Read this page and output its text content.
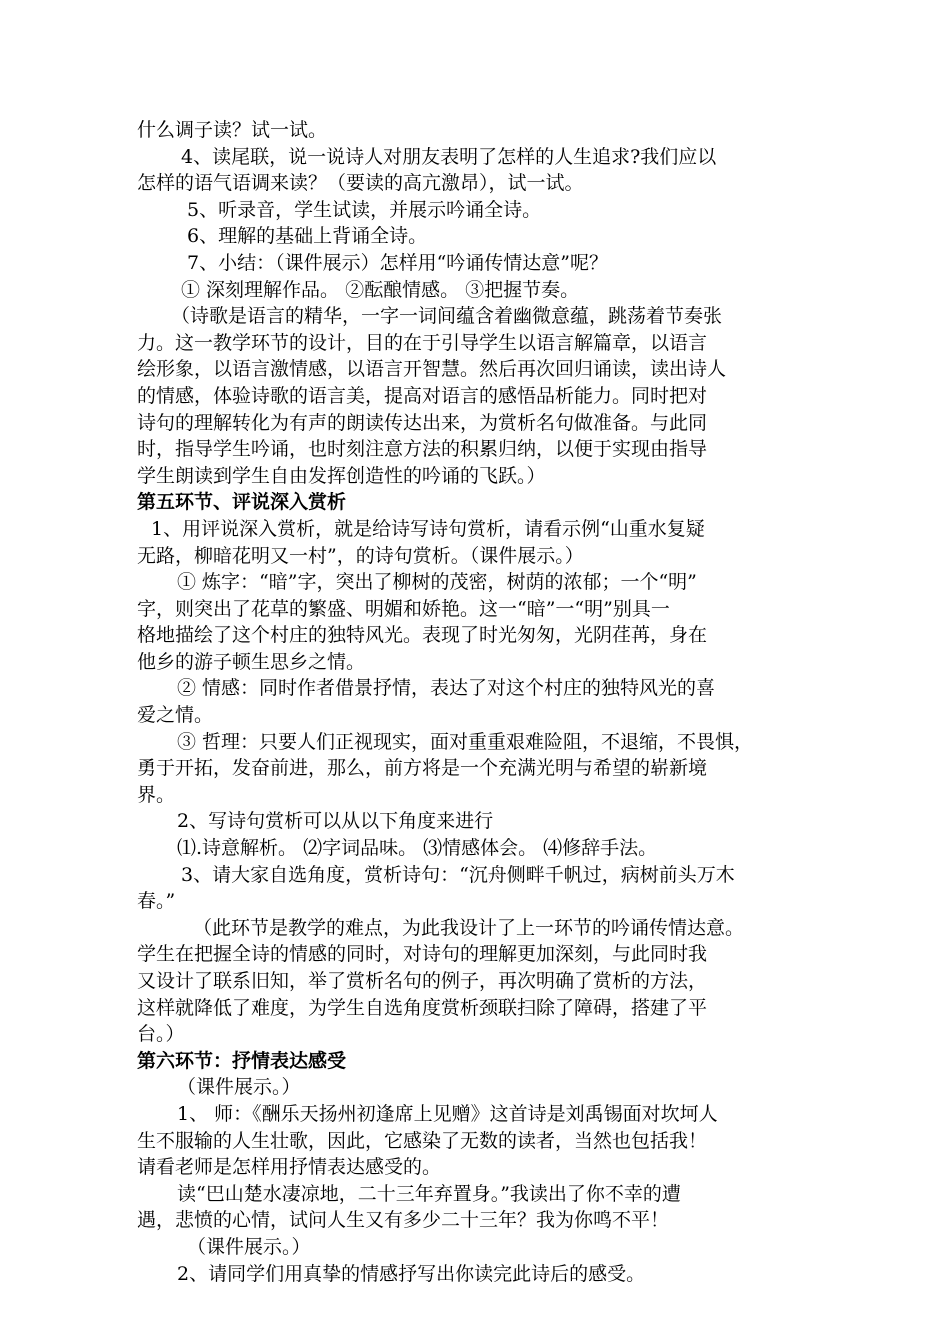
什么调子读？试一试。
4、读尾联，说一说诗人对朋友表明了怎样的人生追求?我们应以
怎样的语气语调来读？（要读的高亢激昂），试一试。
5、听录音，学生试读，并展示吟诵全诗。
6、理解的基础上背诵全诗。
7、小结：（课件展示）怎样用“吟诵传情达意”呢？
① 深刻理解作品。 ②酝酿情感。 ③把握节奏。
（诗歌是语言的精华，一字一词间蕴含着幽微意蕴，跳荡着节奏张
力。这一教学环节的设计，目的在于引导学生以语言解篇章，以语言
绘形象，以语言激情感，以语言开智慧。然后再次回归诵读，读出诗人
的情感，体验诗歌的语言美，提高对语言的感悟品析能力。同时把对
诗句的理解转化为有声的朗读传达出来，为赏析名句做准备。与此同
时，指导学生吟诵，也时刻注意方法的积累归纳，以便于实现由指导
学生朗读到学生自由发挥创造性的吟诵的飞跃。）
第五环节、评说深入赏析
1、用评说深入赏析，就是给诗写诗句赏析，请看示例“山重水复疑
无路，柳暗花明又一村”，的诗句赏析。（课件展示。）
① 炼字：“暗”字，突出了柳树的茂密，树荫的浓郁；一个“明”
字，则突出了花草的繁盛、明媚和娇艳。这一“暗”一“明”别具一
格地描绘了这个村庄的独特风光。表现了时光匆匆，光阴荏苒，身在
他乡的游子顿生思乡之情。
② 情感：同时作者借景抒情，表达了对这个村庄的独特风光的喜
爱之情。
③ 哲理：只要人们正视现实，面对重重艰难险阻，不退缩，不畏惧，
勇于开拓，发奋前进，那么，前方将是一个充满光明与希望的崭新境
界。
2、写诗句赏析可以从以下角度来进行
⑴.诗意解析。 ⑵字词品味。 ⑶情感体会。 ⑷修辞手法。
3、请大家自选角度，赏析诗句：“沉舟侧畔千帆过，病树前头万木
春。”
（此环节是教学的难点，为此我设计了上一环节的吟诵传情达意。
学生在把握全诗的情感的同时，对诗句的理解更加深刻，与此同时我
又设计了联系旧知，举了赏析名句的例子，再次明确了赏析的方法，
这样就降低了难度，为学生自选角度赏析颈联扫除了障碍，搭建了平
台。）
第六环节：抒情表达感受
（课件展示。）
1、 师：《酬乐天扬州初逢席上见赠》这首诗是刘禹锡面对坎坷人
生不服输的人生壮歌，因此，它感染了无数的读者，当然也包括我！
请看老师是怎样用抒情表达感受的。
读“巴山楚水凄凉地，二十三年弃置身。”我读出了你不幸的遭
遇，悲愤的心情，试问人生又有多少二十三年？我为你鸣不平！
（课件展示。）
2、请同学们用真挚的情感抒写出你读完此诗后的感受。
